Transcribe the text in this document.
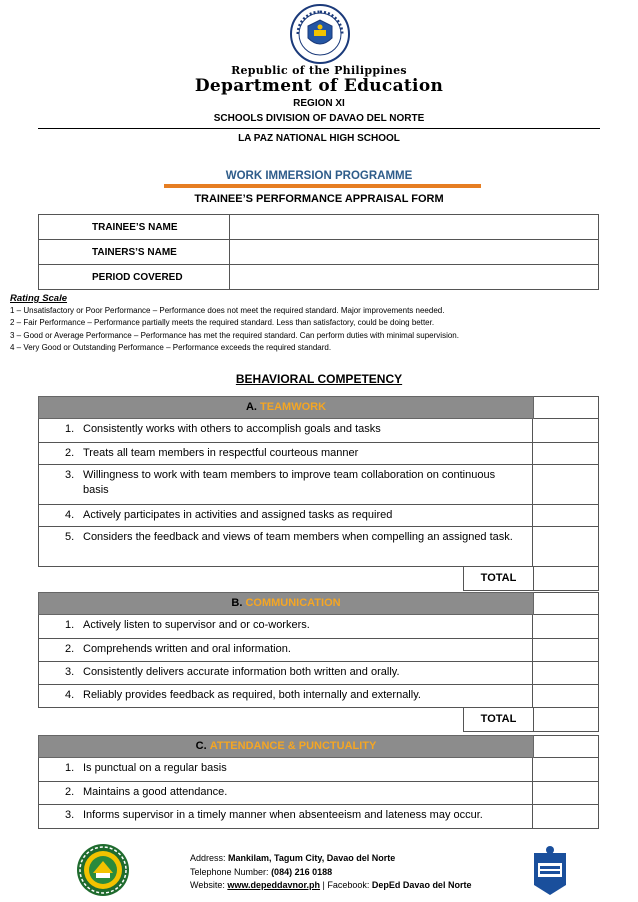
Republic of the Philippines
Department of Education
REGION XI
SCHOOLS DIVISION OF DAVAO DEL NORTE
LA PAZ NATIONAL HIGH SCHOOL
WORK IMMERSION PROGRAMME
TRAINEE’S PERFORMANCE APPRAISAL FORM
TRAINEE’S NAME	
TAINERS’S NAME	
PERIOD COVERED	
Rating Scale
1 – Unsatisfactory or Poor Performance – Performance does not meet the required standard. Major improvements needed.
2 – Fair Performance – Performance partially meets the required standard. Less than satisfactory, could be doing better.
3 – Good or Average Performance – Performance has met the required standard. Can perform duties with minimal supervision.
4 – Very Good or Outstanding Performance – Performance exceeds the required standard.
BEHAVIORAL COMPETENCY
A. TEAMWORK
1. Consistently works with others to accomplish goals and tasks
2. Treats all team members in respectful courteous manner
3. Willingness to work with team members to improve team collaboration on continuous basis
4. Actively participates in activities and assigned tasks as required
5. Considers the feedback and views of team members when compelling an assigned task.
TOTAL
B. COMMUNICATION
1. Actively listen to supervisor and or co-workers.
2. Comprehends written and oral information.
3. Consistently delivers accurate information both written and orally.
4. Reliably provides feedback as required, both internally and externally.
TOTAL
C. ATTENDANCE & PUNCTUALITY
1. Is punctual on a regular basis
2. Maintains a good attendance.
3. Informs supervisor in a timely manner when absenteeism and lateness may occur.
Address: Mankilam, Tagum City, Davao del Norte
Telephone Number: (084) 216 0188
Website: www.depeddavnor.ph | Facebook: DepEd Davao del Norte
